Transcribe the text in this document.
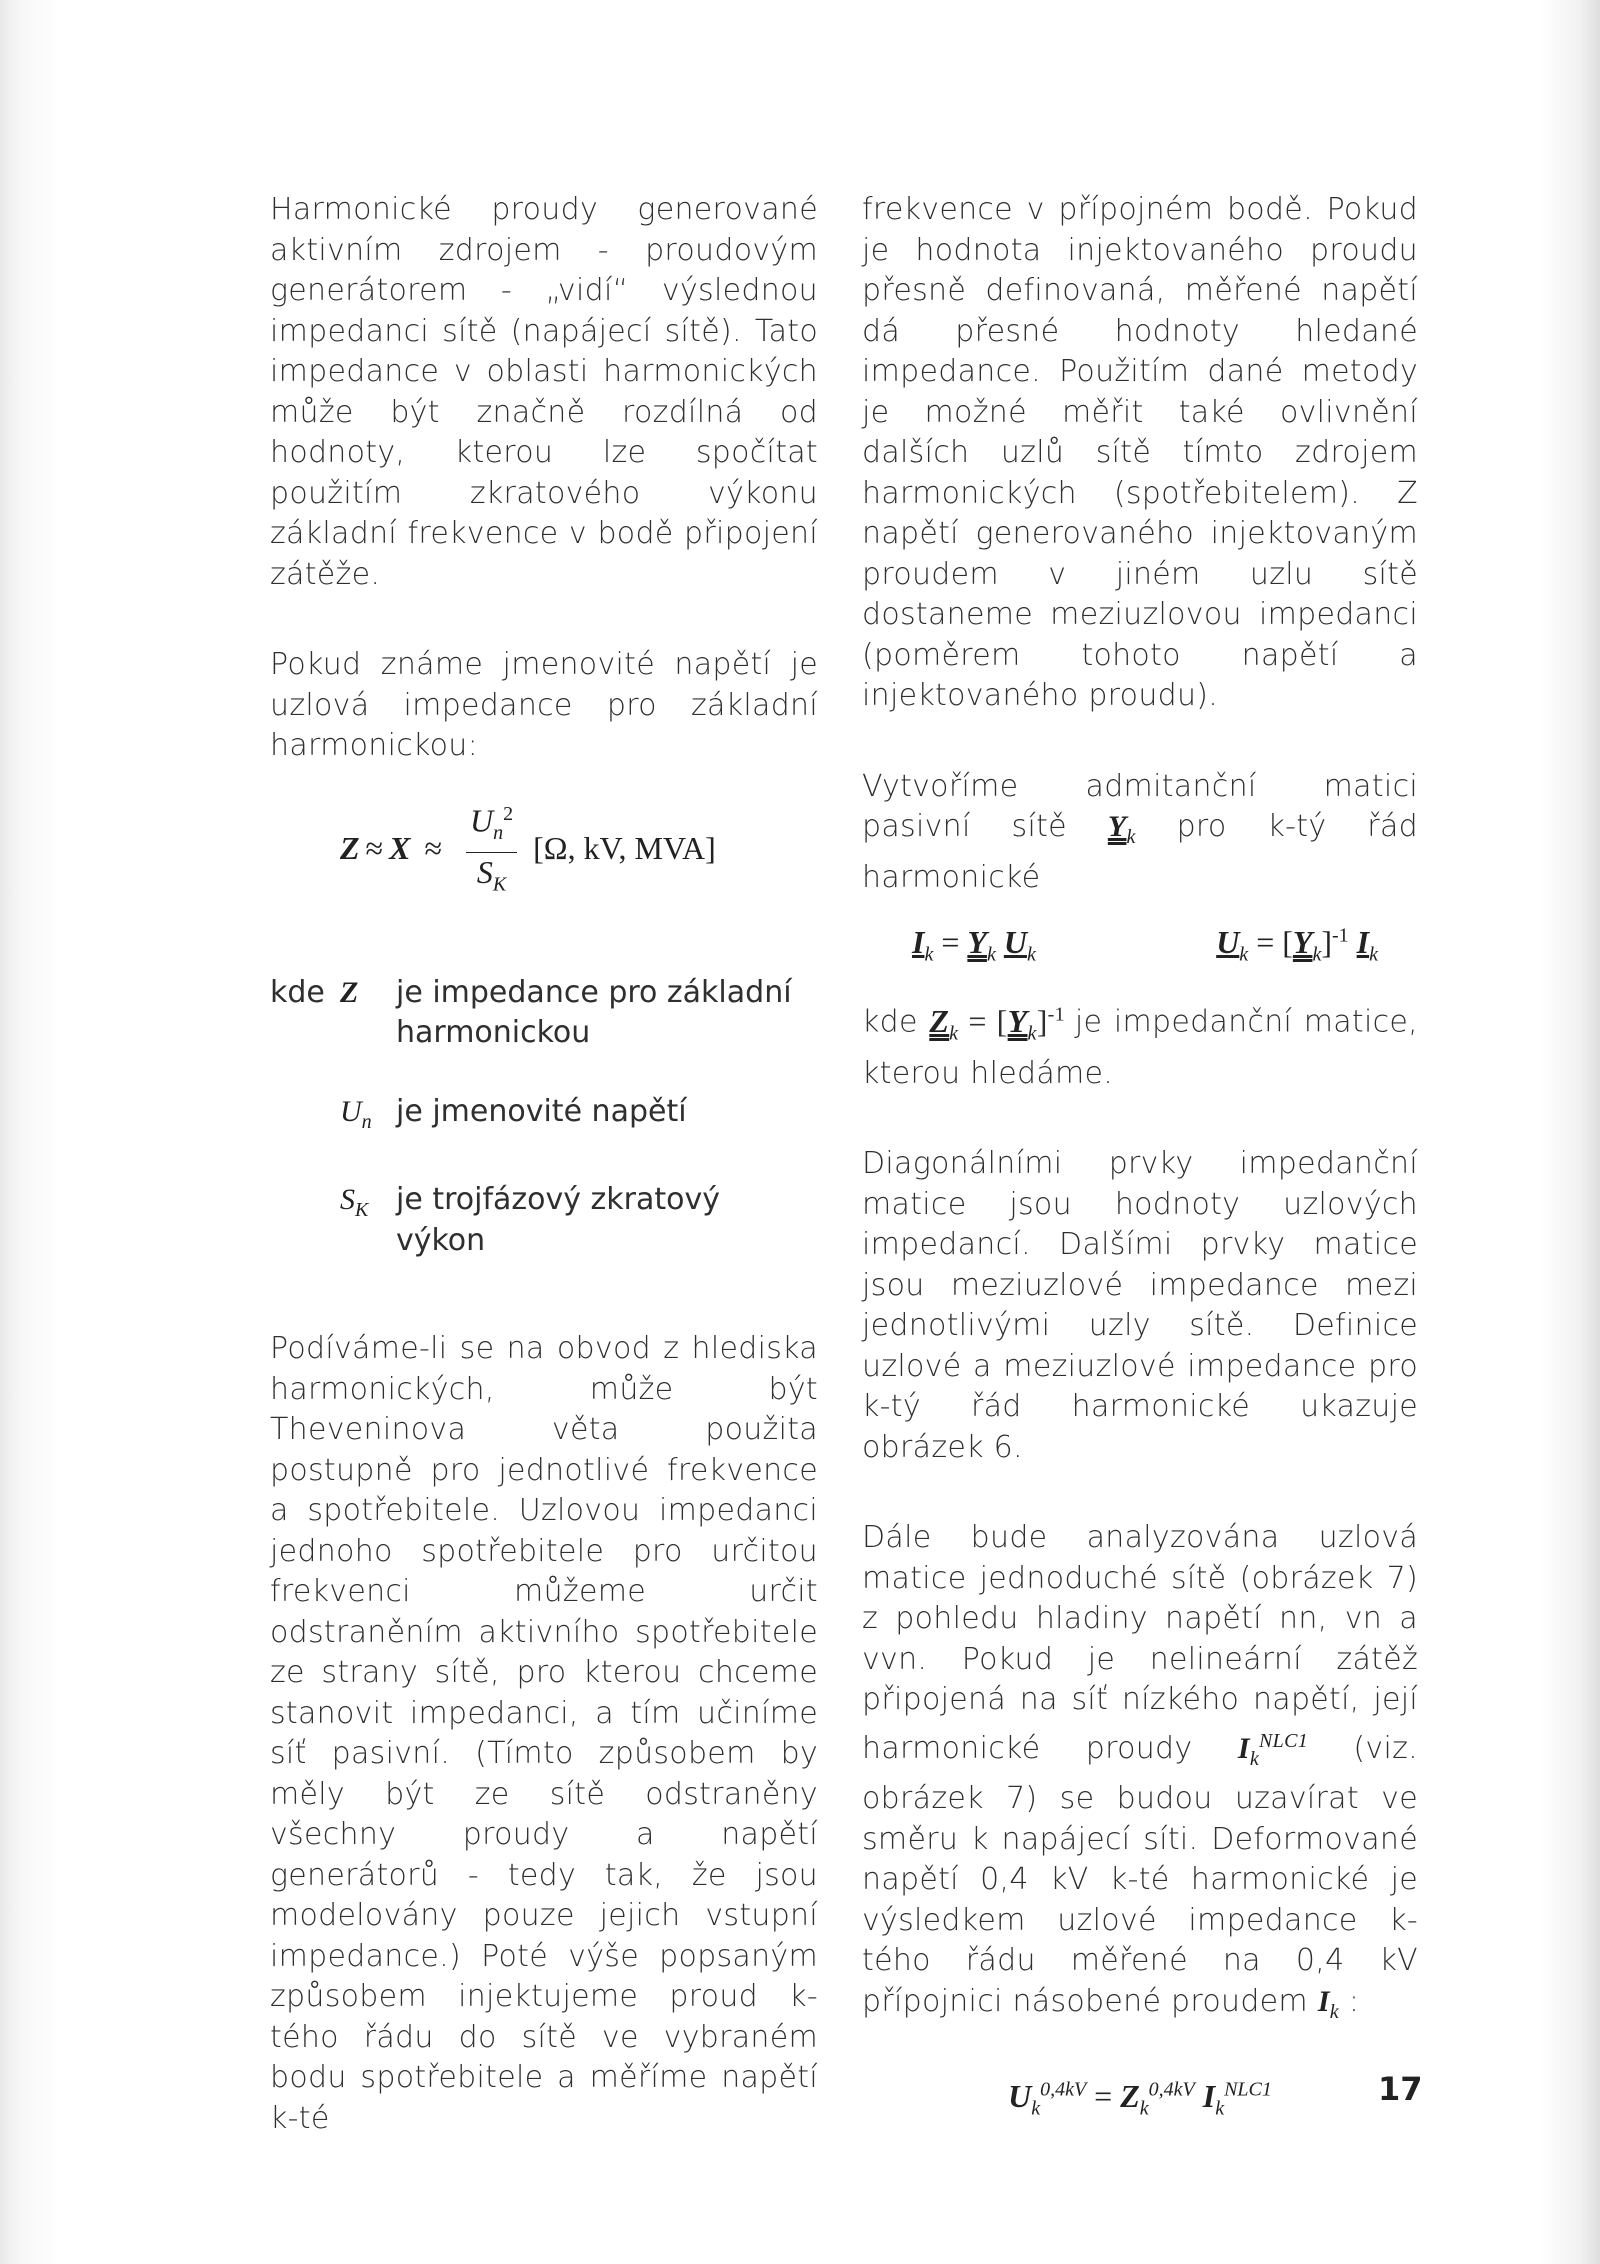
Harmonické proudy generované aktivním zdrojem - proudovým generátorem - „vidí“ výslednou impedanci sítě (napájecí sítě). Tato impedance v oblasti harmonických může být značně rozdílná od hodnoty, kterou lze spočítat použitím zkratového výkonu základní frekvence v bodě připojení zátěže.

Pokud známe jmenovité napětí je uzlová impedance pro základní harmonickou:

$Z \approx X \approx \frac{U_n^2}{S_K} [\Omega$, kV, MVA]
kde Z	je impedance pro základní harmonickou
$U_n$ je jmenovité napětí
$S_K$ je trojfázový zkratový výkon

Podíváme-li se na obvod z hlediska harmonických, může být Theveninova věta použita postupně pro jednotlivé frekvence a spotřebitele. Uzlovou impedanci jednoho spotřebitele pro určitou frekvenci můžeme určit odstraněním aktivního spotřebitele ze strany sítě, pro kterou chceme stanovit impedanci, a tím učiníme síť pasivní. (Tímto způsobem by měly být ze sítě odstraněny všechny proudy a napětí generátorů - tedy tak, že jsou modelovány pouze jejich vstupní impedance.) Poté výše popsaným způsobem injektujeme proud k-tého řádu do sítě ve vybraném bodu spotřebitele a měříme napětí k-té

frekvence v přípojném bodě. Pokud je hodnota injektovaného proudu přesně definovaná, měřené napětí dá přesné hodnoty hledané impedance. Použitím dané metody je možné měřit také ovlivnění dalších uzlů sítě tímto zdrojem harmonických (spotřebitelem). Z napětí generovaného injektovaným proudem v jiném uzlu sítě dostaneme meziuzlovou impedanci (poměrem tohoto napětí a injektovaného proudu).

Vytvoříme admitanční matici pasivní sítě $Y_k$ pro k-tý řád harmonické

$I_k = Y_k$ $U_k$	$U_k = [Y_k]^{-1}$ $I_k$

kde $Z_k = [Y_k]^{-1}$ je impedanční matice, kterou hledáme.

Diagonálními prvky impedanční matice jsou hodnoty uzlových impedancí. Dalšími prvky matice jsou meziuzlové impedance mezi jednotlivými uzly sítě. Definice uzlové a meziuzlové impedance pro k-tý řád harmonické ukazuje obrázek 6.

Dále bude analyzována uzlová matice jednoduché sítě (obrázek 7) z pohledu hladiny napětí nn, vn a vvn. Pokud je nelineární zátěž připojená na síť nízkého napětí, její harmonické proudy $I_k^{NLC1}$ (viz. obrázek 7) se budou uzavírat ve směru k napájecí síti. Deformované napětí 0,4 kV k-té harmonické je výsledkem uzlové impedance k-tého řádu měřené na 0,4 kV přípojnici násobené proudem $I_k$ :

$U_k^{0,4kV} = Z_k^{0,4kV}$ $I_k^{NLC1}$	17
